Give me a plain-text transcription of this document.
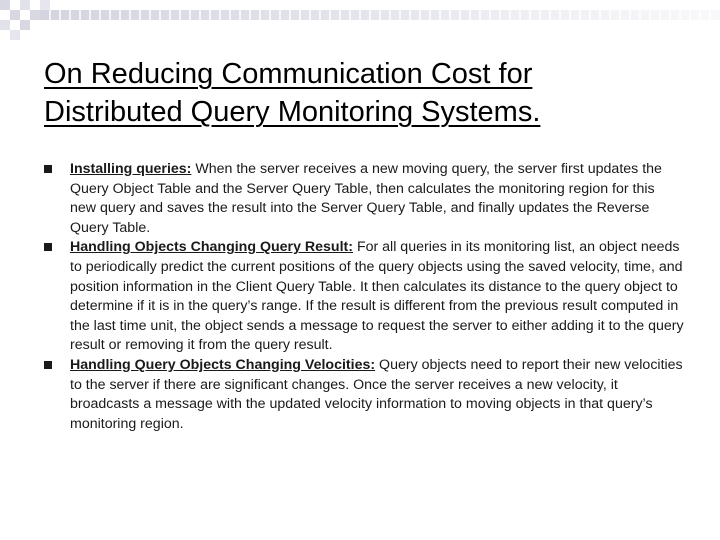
On Reducing Communication Cost for
Distributed Query Monitoring Systems.
Installing queries: When the server receives a new moving query, the server first updates the Query Object Table and the Server Query Table, then calculates the monitoring region for this new query and saves the result into the Server Query Table, and finally updates the Reverse Query Table.
Handling Objects Changing Query Result: For all queries in its monitoring list, an object needs to periodically predict the current positions of the query objects using the saved velocity, time, and position information in the Client Query Table. It then calculates its distance to the query object to determine if it is in the query’s range. If the result is different from the previous result computed in the last time unit, the object sends a message to request the server to either adding it to the query result or removing it from the query result.
Handling Query Objects Changing Velocities: Query objects need to report their new velocities to the server if there are significant changes. Once the server receives a new velocity, it broadcasts a message with the updated velocity information to moving objects in that query’s monitoring region.
